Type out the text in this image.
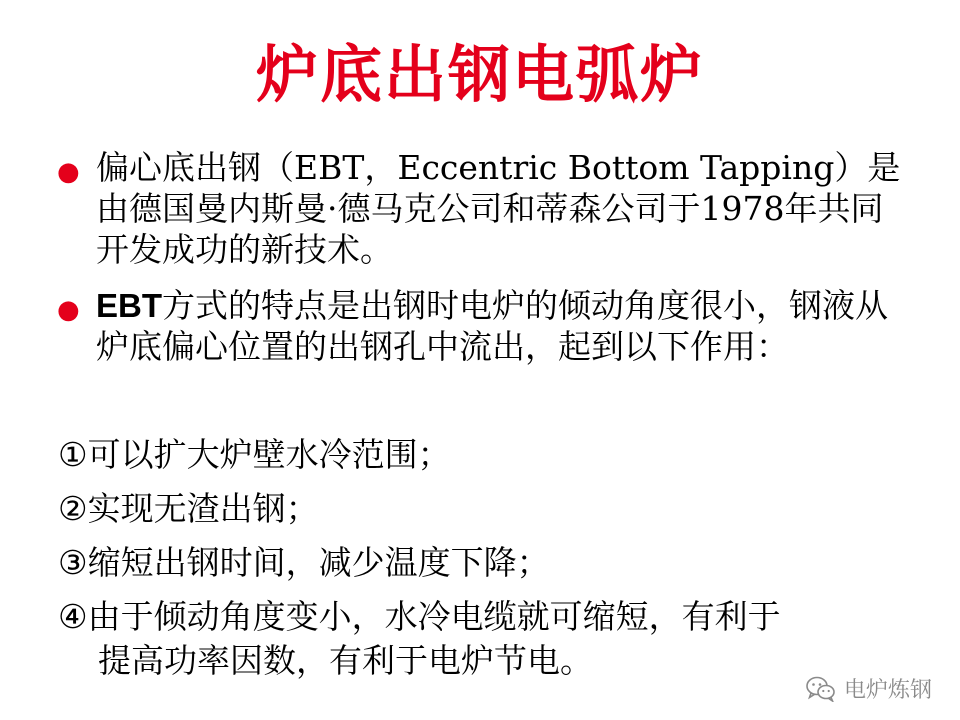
炉底出钢电弧炉
● 偏心底出钢（EBT，Eccentric Bottom Tapping）是由德国曼内斯曼·德马克公司和蒂森公司于1978年共同开发成功的新技术。

● EBT方式的特点是出钢时电炉的倾动角度很小，钢液从炉底偏心位置的出钢孔中流出，起到以下作用：

①可以扩大炉壁水冷范围；

②实现无渣出钢；

③缩短出钢时间，减少温度下降；

④由于倾动角度变小，水冷电缆就可缩短，有利于
提高功率因数，有利于电炉节电。

电炉炼钢
